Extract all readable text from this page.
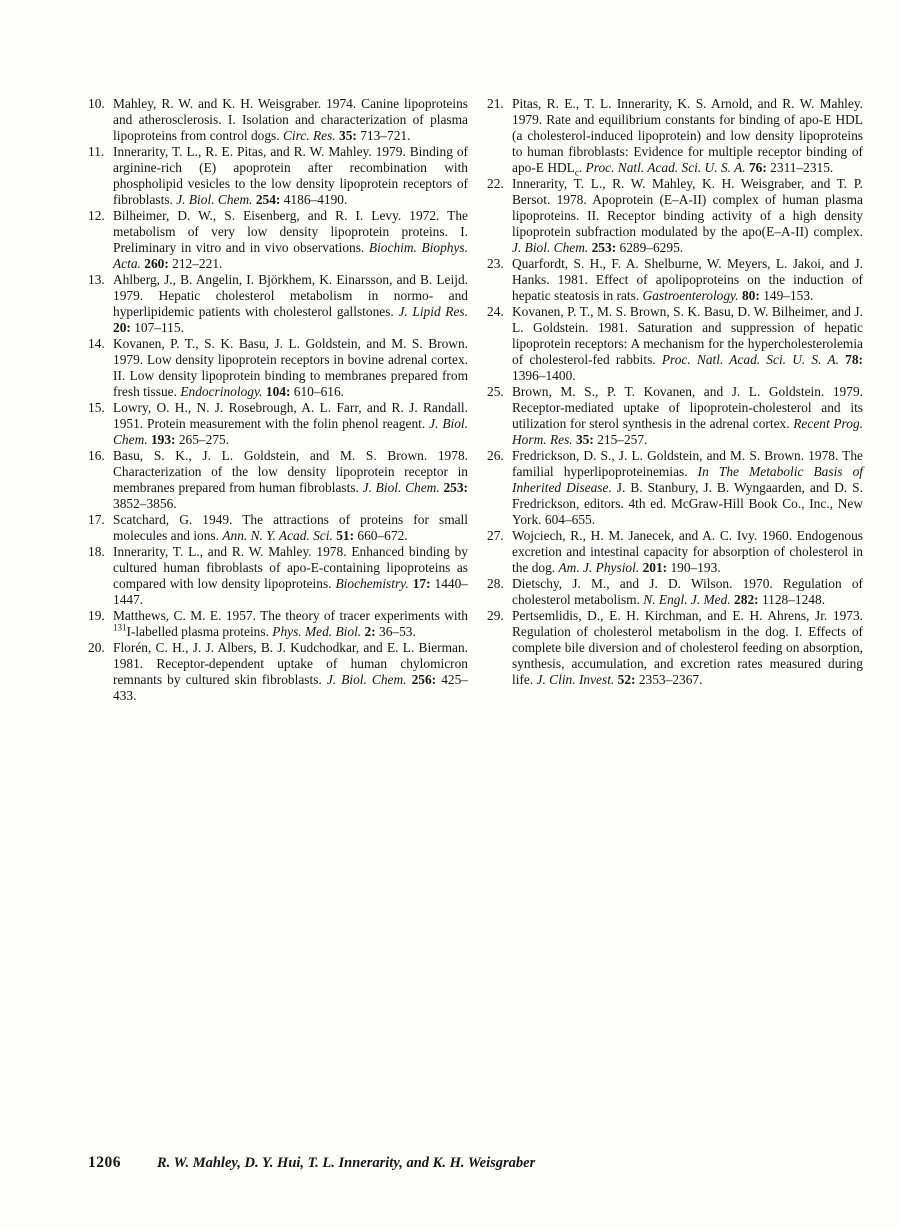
10. Mahley, R. W. and K. H. Weisgraber. 1974. Canine lipoproteins and atherosclerosis. I. Isolation and characterization of plasma lipoproteins from control dogs. Circ. Res. 35: 713–721.
11. Innerarity, T. L., R. E. Pitas, and R. W. Mahley. 1979. Binding of arginine-rich (E) apoprotein after recombination with phospholipid vesicles to the low density lipoprotein receptors of fibroblasts. J. Biol. Chem. 254: 4186–4190.
12. Bilheimer, D. W., S. Eisenberg, and R. I. Levy. 1972. The metabolism of very low density lipoprotein proteins. I. Preliminary in vitro and in vivo observations. Biochim. Biophys. Acta. 260: 212–221.
13. Ahlberg, J., B. Angelin, I. Björkhem, K. Einarsson, and B. Leijd. 1979. Hepatic cholesterol metabolism in normo- and hyperlipidemic patients with cholesterol gallstones. J. Lipid Res. 20: 107–115.
14. Kovanen, P. T., S. K. Basu, J. L. Goldstein, and M. S. Brown. 1979. Low density lipoprotein receptors in bovine adrenal cortex. II. Low density lipoprotein binding to membranes prepared from fresh tissue. Endocrinology. 104: 610–616.
15. Lowry, O. H., N. J. Rosebrough, A. L. Farr, and R. J. Randall. 1951. Protein measurement with the folin phenol reagent. J. Biol. Chem. 193: 265–275.
16. Basu, S. K., J. L. Goldstein, and M. S. Brown. 1978. Characterization of the low density lipoprotein receptor in membranes prepared from human fibroblasts. J. Biol. Chem. 253: 3852–3856.
17. Scatchard, G. 1949. The attractions of proteins for small molecules and ions. Ann. N. Y. Acad. Sci. 51: 660–672.
18. Innerarity, T. L., and R. W. Mahley. 1978. Enhanced binding by cultured human fibroblasts of apo-E-containing lipoproteins as compared with low density lipoproteins. Biochemistry. 17: 1440–1447.
19. Matthews, C. M. E. 1957. The theory of tracer experiments with $^{131}$I-labelled plasma proteins. Phys. Med. Biol. 2: 36–53.
20. Florén, C. H., J. J. Albers, B. J. Kudchodkar, and E. L. Bierman. 1981. Receptor-dependent uptake of human chylomicron remnants by cultured skin fibroblasts. J. Biol. Chem. 256: 425–433.
21. Pitas, R. E., T. L. Innerarity, K. S. Arnold, and R. W. Mahley. 1979. Rate and equilibrium constants for binding of apo-E HDL (a cholesterol-induced lipoprotein) and low density lipoproteins to human fibroblasts: Evidence for multiple receptor binding of apo-E $HDL_c$. Proc. Natl. Acad. Sci. U. S. A. 76: 2311–2315.
22. Innerarity, T. L., R. W. Mahley, K. H. Weisgraber, and T. P. Bersot. 1978. Apoprotein (E–A-II) complex of human plasma lipoproteins. II. Receptor binding activity of a high density lipoprotein subfraction modulated by the apo(E–A-II) complex. J. Biol. Chem. 253: 6289–6295.
23. Quarfordt, S. H., F. A. Shelburne, W. Meyers, L. Jakoi, and J. Hanks. 1981. Effect of apolipoproteins on the induction of hepatic steatosis in rats. Gastroenterology. 80: 149–153.
24. Kovanen, P. T., M. S. Brown, S. K. Basu, D. W. Bilheimer, and J. L. Goldstein. 1981. Saturation and suppression of hepatic lipoprotein receptors: A mechanism for the hypercholesterolemia of cholesterol-fed rabbits. Proc. Natl. Acad. Sci. U. S. A. 78: 1396–1400.
25. Brown, M. S., P. T. Kovanen, and J. L. Goldstein. 1979. Receptor-mediated uptake of lipoprotein-cholesterol and its utilization for sterol synthesis in the adrenal cortex. Recent Prog. Horm. Res. 35: 215–257.
26. Fredrickson, D. S., J. L. Goldstein, and M. S. Brown. 1978. The familial hyperlipoproteinemias. In The Metabolic Basis of Inherited Disease. J. B. Stanbury, J. B. Wyngaarden, and D. S. Fredrickson, editors. 4th ed. McGraw-Hill Book Co., Inc., New York. 604–655.
27. Wojciech, R., H. M. Janecek, and A. C. Ivy. 1960. Endogenous excretion and intestinal capacity for absorption of cholesterol in the dog. Am. J. Physiol. 201: 190–193.
28. Dietschy, J. M., and J. D. Wilson. 1970. Regulation of cholesterol metabolism. N. Engl. J. Med. 282: 1128–1248.
29. Pertsemlidis, D., E. H. Kirchman, and E. H. Ahrens, Jr. 1973. Regulation of cholesterol metabolism in the dog. I. Effects of complete bile diversion and of cholesterol feeding on absorption, synthesis, accumulation, and excretion rates measured during life. J. Clin. Invest. 52: 2353–2367.
1206 R. W. Mahley, D. Y. Hui, T. L. Innerarity, and K. H. Weisgraber
